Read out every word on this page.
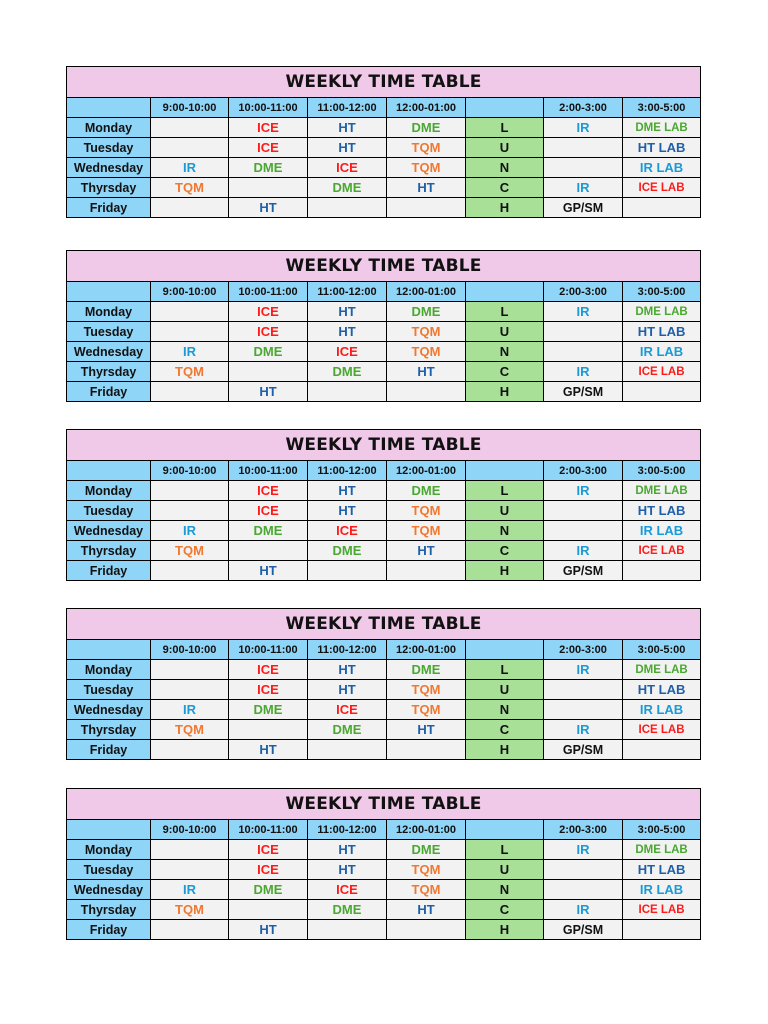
WEEKLY TIME TABLE							
	9:00-10:00	10:00-11:00	11:00-12:00	12:00-01:00		2:00-3:00	3:00-5:00
Monday		ICE	HT	DME	L	IR	DME LAB
Tuesday		ICE	HT	TQM	U		HT LAB
Wednesday	IR	DME	ICE	TQM	N		IR LAB
Thyrsday	TQM		DME	HT	C	IR	ICE LAB
Friday		HT			H	GP/SM	
WEEKLY TIME TABLE							
	9:00-10:00	10:00-11:00	11:00-12:00	12:00-01:00		2:00-3:00	3:00-5:00
Monday		ICE	HT	DME	L	IR	DME LAB
Tuesday		ICE	HT	TQM	U		HT LAB
Wednesday	IR	DME	ICE	TQM	N		IR LAB
Thyrsday	TQM		DME	HT	C	IR	ICE LAB
Friday		HT			H	GP/SM	
WEEKLY TIME TABLE							
	9:00-10:00	10:00-11:00	11:00-12:00	12:00-01:00		2:00-3:00	3:00-5:00
Monday		ICE	HT	DME	L	IR	DME LAB
Tuesday		ICE	HT	TQM	U		HT LAB
Wednesday	IR	DME	ICE	TQM	N		IR LAB
Thyrsday	TQM		DME	HT	C	IR	ICE LAB
Friday		HT			H	GP/SM	
WEEKLY TIME TABLE							
	9:00-10:00	10:00-11:00	11:00-12:00	12:00-01:00		2:00-3:00	3:00-5:00
Monday		ICE	HT	DME	L	IR	DME LAB
Tuesday		ICE	HT	TQM	U		HT LAB
Wednesday	IR	DME	ICE	TQM	N		IR LAB
Thyrsday	TQM		DME	HT	C	IR	ICE LAB
Friday		HT			H	GP/SM	
WEEKLY TIME TABLE							
	9:00-10:00	10:00-11:00	11:00-12:00	12:00-01:00		2:00-3:00	3:00-5:00
Monday		ICE	HT	DME	L	IR	DME LAB
Tuesday		ICE	HT	TQM	U		HT LAB
Wednesday	IR	DME	ICE	TQM	N		IR LAB
Thyrsday	TQM		DME	HT	C	IR	ICE LAB
Friday		HT			H	GP/SM	
